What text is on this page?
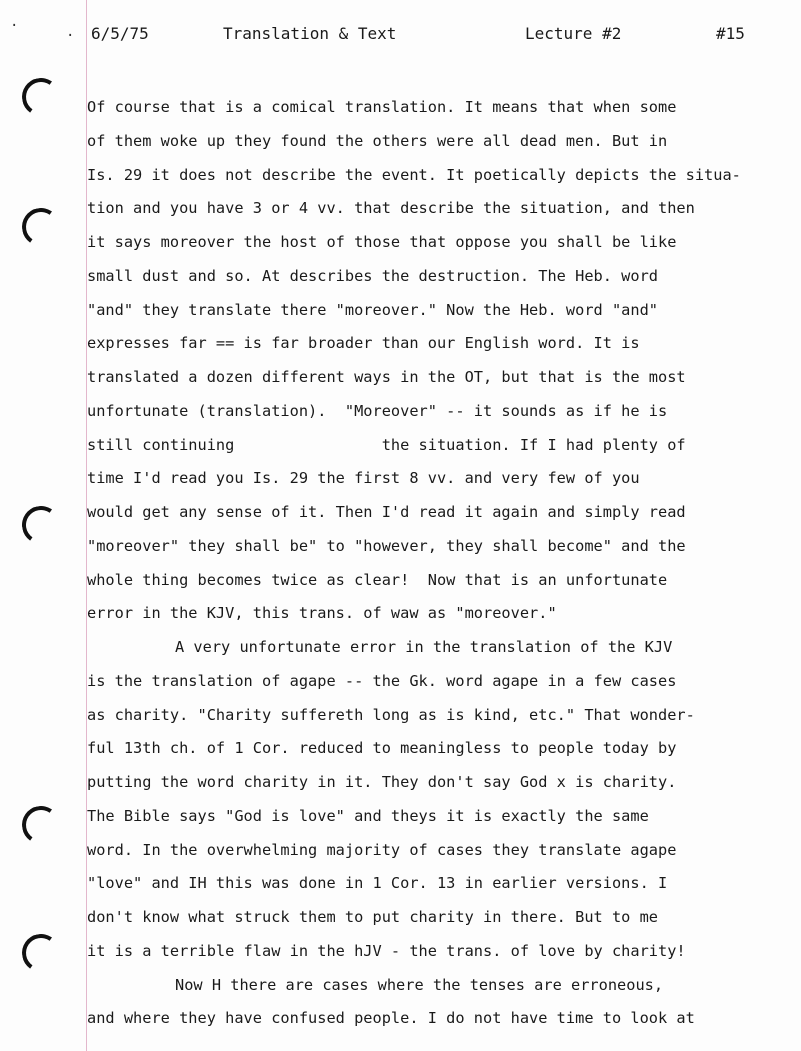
·
· 6/5/75	Translation & Text	Lecture #2	#15
Of course that is a comical translation. It means that when some
of them woke up they found the others were all dead men. But in
Is. 29 it does not describe the event. It poetically depicts the situa-
tion and you have 3 or 4 vv. that describe the situation, and then
it says moreover the host of those that oppose you shall be like
small dust and so. At describes the destruction. The Heb. word
"and" they translate there "moreover." Now the Heb. word "and"
expresses far == is far broader than our English word. It is
translated a dozen different ways in the OT, but that is the most
unfortunate (translation).  "Moreover" -- it sounds as if he is
still continuing                the situation. If I had plenty of
time I'd read you Is. 29 the first 8 vv. and very few of you
would get any sense of it. Then I'd read it again and simply read
"moreover" they shall be" to "however, they shall become" and the
whole thing becomes twice as clear!  Now that is an unfortunate
error in the KJV, this trans. of waw as "moreover."
A very unfortunate error in the translation of the KJV
is the translation of agape -- the Gk. word agape in a few cases
as charity. "Charity suffereth long as is kind, etc." That wonder-
ful 13th ch. of 1 Cor. reduced to meaningless to people today by
putting the word charity in it. They don't say God x is charity.
The Bible says "God is love" and theys it is exactly the same
word. In the overwhelming majority of cases they translate agape
"love" and IH this was done in 1 Cor. 13 in earlier versions. I
don't know what struck them to put charity in there. But to me
it is a terrible flaw in the hJV - the trans. of love by charity!
Now H there are cases where the tenses are erroneous,
and where they have confused people. I do not have time to look at
